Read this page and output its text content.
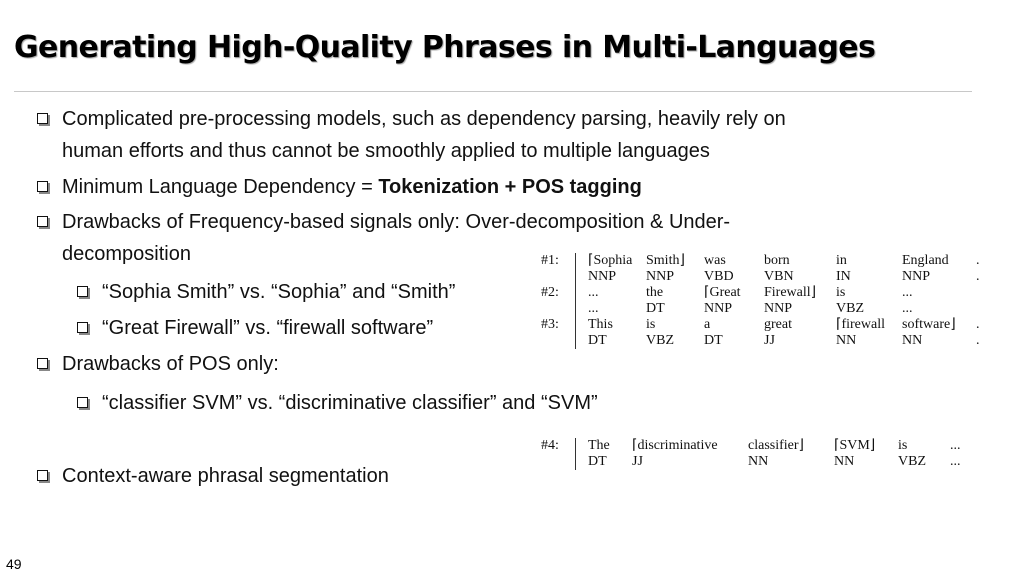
Generating High-Quality Phrases in Multi-Languages
Complicated pre-processing models, such as dependency parsing, heavily rely on
human efforts and thus cannot be smoothly applied to multiple languages
Minimum Language Dependency = Tokenization + POS tagging
Drawbacks of Frequency-based signals only: Over-decomposition & Under-
decomposition
“Sophia Smith” vs. “Sophia” and “Smith”
“Great Firewall” vs. “firewall software”
Drawbacks of POS only:
“classifier SVM” vs. “discriminative classifier” and “SVM”
Context-aware phrasal segmentation
#1:		⌈Sophia	Smith⌋	was	born	in	England	.
		NNP	NNP	VBD	VBN	IN	NNP	.
#2:		...	the	⌈Great	Firewall⌋	is	...	
		...	DT	NNP	NNP	VBZ	...	
#3:		This	is	a	great	⌈firewall	software⌋	.
		DT	VBZ	DT	JJ	NN	NN	.
#4:		The	⌈discriminative	classifier⌋	⌈SVM⌋	is	...
		DT	JJ	NN	NN	VBZ	...
49
